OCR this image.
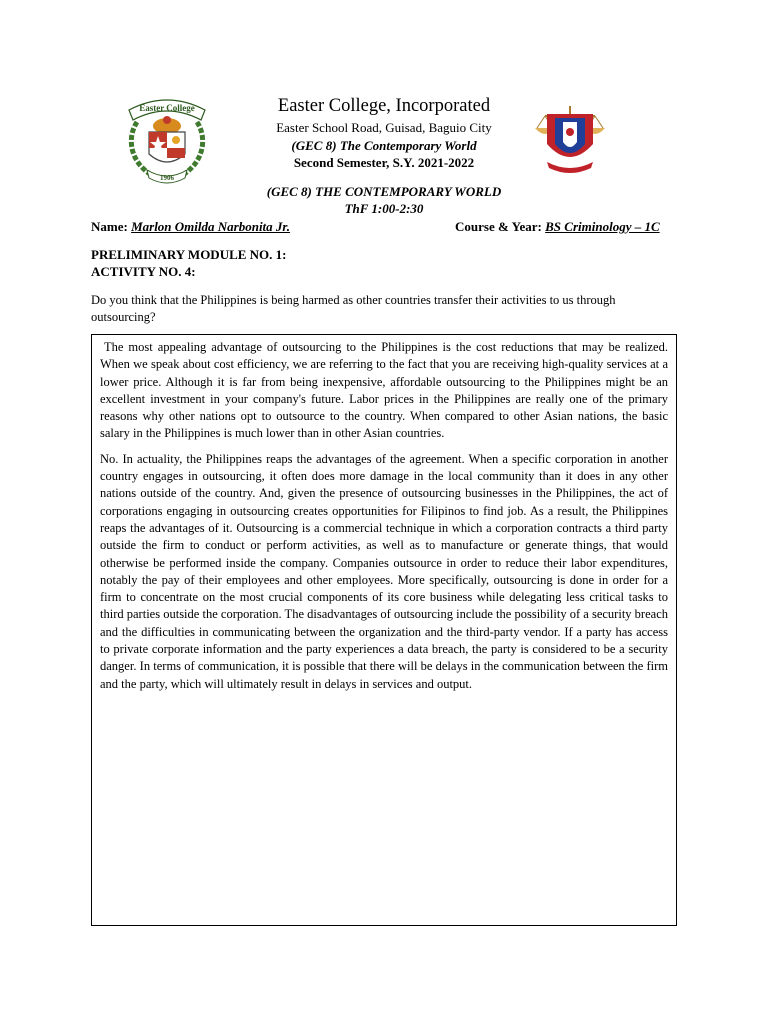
Easter College
1906
Easter College, Incorporated
Easter School Road, Guisad, Baguio City
(GEC 8) The Contemporary World
Second Semester, S.Y. 2021-2022
(GEC 8) THE CONTEMPORARY WORLD
ThF 1:00-2:30
Name: Marlon Omilda Narbonita Jr.	Course & Year: BS Criminology – 1C
PRELIMINARY MODULE NO. 1:
ACTIVITY NO. 4:
Do you think that the Philippines is being harmed as other countries transfer their activities to us through outsourcing?

The most appealing advantage of outsourcing to the Philippines is the cost reductions that may be realized. When we speak about cost efficiency, we are referring to the fact that you are receiving high-quality services at a lower price. Although it is far from being inexpensive, affordable outsourcing to the Philippines might be an excellent investment in your company's future. Labor prices in the Philippines are really one of the primary reasons why other nations opt to outsource to the country. When compared to other Asian nations, the basic salary in the Philippines is much lower than in other Asian countries.

No. In actuality, the Philippines reaps the advantages of the agreement. When a specific corporation in another country engages in outsourcing, it often does more damage in the local community than it does in any other nations outside of the country. And, given the presence of outsourcing businesses in the Philippines, the act of corporations engaging in outsourcing creates opportunities for Filipinos to find job. As a result, the Philippines reaps the advantages of it. Outsourcing is a commercial technique in which a corporation contracts a third party outside the firm to conduct or perform activities, as well as to manufacture or generate things, that would otherwise be performed inside the company. Companies outsource in order to reduce their labor expenditures, notably the pay of their employees and other employees. More specifically, outsourcing is done in order for a firm to concentrate on the most crucial components of its core business while delegating less critical tasks to third parties outside the corporation. The disadvantages of outsourcing include the possibility of a security breach and the difficulties in communicating between the organization and the third-party vendor. If a party has access to private corporate information and the party experiences a data breach, the party is considered to be a security danger. In terms of communication, it is possible that there will be delays in the communication between the firm and the party, which will ultimately result in delays in services and output.
